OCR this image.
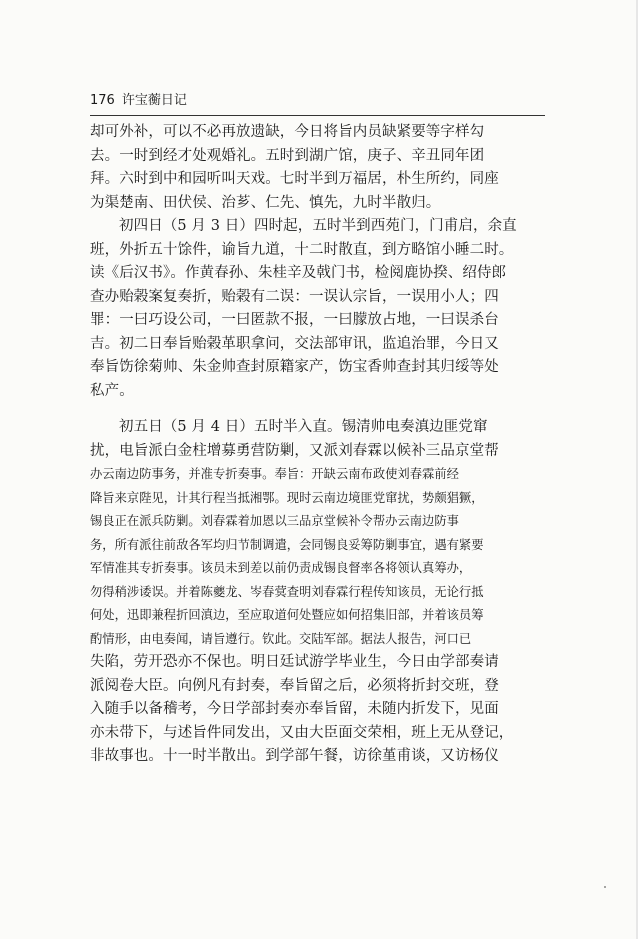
176 许宝蘅日记
却可外补，可以不必再放遗缺，今日将旨内员缺紧要等字样勾
去。一时到经才处观婚礼。五时到湖广馆，庚子、辛丑同年团
拜。六时到中和园听叫天戏。七时半到万福居，朴生所约，同座
为渠楚南、田伏侯、治芗、仁先、慎先，九时半散归。
初四日（5 月 3 日）四时起，五时半到西苑门，门甫启，余直
班，外折五十馀件，谕旨九道，十二时散直，到方略馆小睡二时。
读《后汉书》。作黄春孙、朱桂辛及戟门书，检阅鹿协揆、绍侍郎
查办贻榖案复奏折，贻榖有二误：一误认宗旨，一误用小人；四
罪：一曰巧设公司，一曰匿款不报，一曰朦放占地，一曰误杀台
吉。初二日奉旨贻榖革职拿问，交法部审讯，监追治罪，今日又
奉旨饬徐菊帅、朱金帅查封原籍家产，饬宝香帅查封其归绥等处
私产。
初五日（5 月 4 日）五时半入直。锡清帅电奏滇边匪党窜
扰，电旨派白金柱增募勇营防剿，又派刘春霖以候补三品京堂帮
办云南边防事务，并准专折奏事。奉旨：开缺云南布政使刘春霖前经
降旨来京陛见，计其行程当抵湘鄂。现时云南边境匪党窜扰，势颇猖獗，
锡良正在派兵防剿。刘春霖着加恩以三品京堂候补令帮办云南边防事
务，所有派往前敌各军均归节制调遣，会同锡良妥筹防剿事宜，遇有紧要
军情准其专折奏事。该员未到差以前仍责成锡良督率各将领认真筹办，
勿得稍涉诿误。并着陈夔龙、岑春蓂查明刘春霖行程传知该员，无论行抵
何处，迅即兼程折回滇边，至应取道何处暨应如何招集旧部，并着该员筹
酌情形，由电奏闻，请旨遵行。钦此。交陆军部。据法人报告，河口已
失陷，劳开恐亦不保也。明日廷试游学毕业生，今日由学部奏请
派阅卷大臣。向例凡有封奏，奉旨留之后，必须将折封交班，登
入随手以备稽考，今日学部封奏亦奉旨留，未随内折发下，见面
亦未带下，与述旨件同发出，又由大臣面交荣相，班上无从登记，
非故事也。十一时半散出。到学部午餐，访徐堇甫谈，又访杨仪
